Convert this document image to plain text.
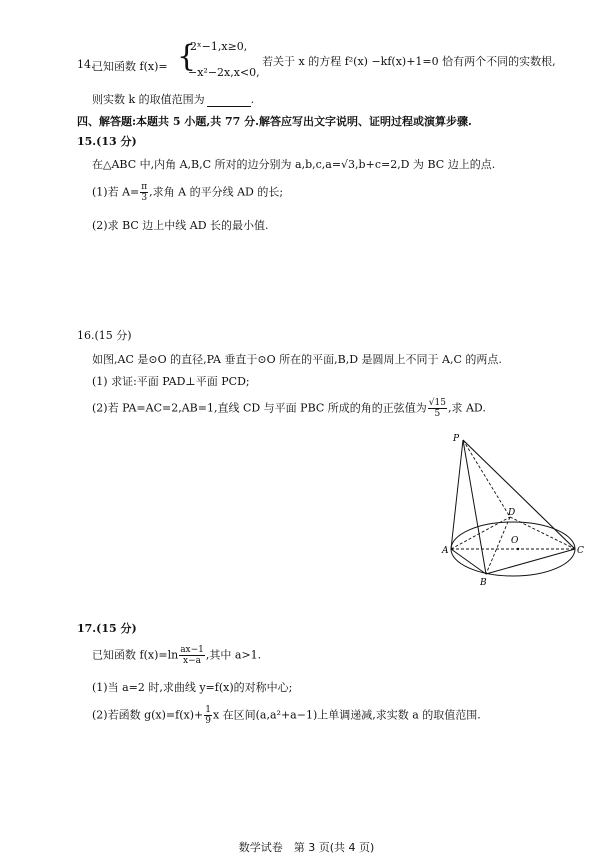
14.
已知函数 f(x)= {
2ˣ−1,x≥0,
−x²−2x,x<0,
若关于 x 的方程 f²(x) −kf(x)+1=0 恰有两个不同的实数根,
则实数 k 的取值范围为	.
四、解答题:本题共 5 小题,共 77 分.解答应写出文字说明、证明过程或演算步骤.
15.(13 分)
在△ABC 中,内角 A,B,C 所对的边分别为 a,b,c,a=√3,b+c=2,D 为 BC 边上的点.
(1)若 $A= \frac{\pi}{3}$ ,求角 A 的平分线 AD 的长;
(2)求 BC 边上中线 AD 长的最小值.
16.(15 分)
如图,AC 是⊙O 的直径,PA 垂直于⊙O 所在的平面,B,D 是圆周上不同于 A,C 的两点.
(1) 求证:平面 PAD⊥平面 PCD;
(2)若 PA=AC=2,AB=1,直线 CD 与平面 PBC 所成的角的正弦值为 $\frac{√15}{5}$ ,求 AD.
P
D
O
A	C
B
17.(15 分)
已知函数 $f(x)=\ln \frac{ax-1}{x-a}$ ,其中 a>1.
(1)当 a=2 时,求曲线 y=f(x)的对称中心;
(2)若函数 $g(x)=f(x)+ \frac{1}{9}$ x 在区间(a,a²+a−1)上单调递减,求实数 a 的取值范围.
数学试卷　第 3 页(共 4 页)
